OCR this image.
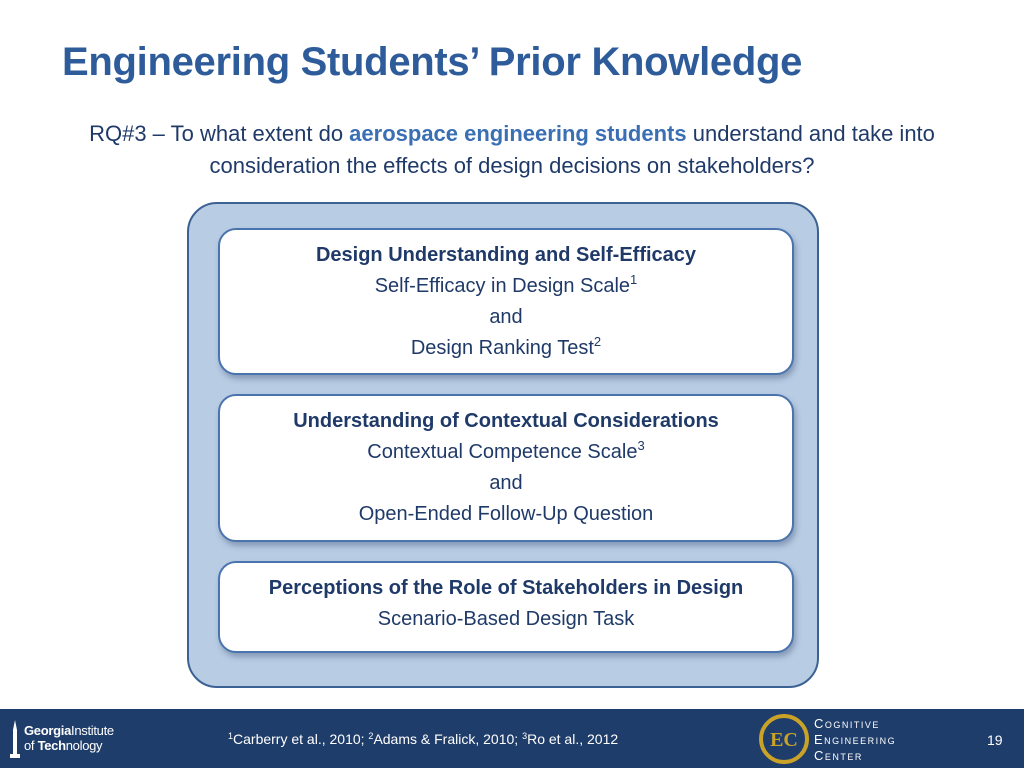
Engineering Students’ Prior Knowledge
RQ#3 – To what extent do aerospace engineering students understand and take into consideration the effects of design decisions on stakeholders?
Design Understanding and Self-Efficacy
Self-Efficacy in Design Scale$^1$
and
Design Ranking Test$^2$
Understanding of Contextual Considerations
Contextual Competence Scale$^3$
and
Open-Ended Follow-Up Question
Perceptions of the Role of Stakeholders in Design
Scenario-Based Design Task
GeorgiaInstitute
of Technology
$^1$Carberry et al., 2010; $^2$Adams & Fralick, 2010; $^3$Ro et al., 2012	EC
Cognitive
Engineering
Center
19
